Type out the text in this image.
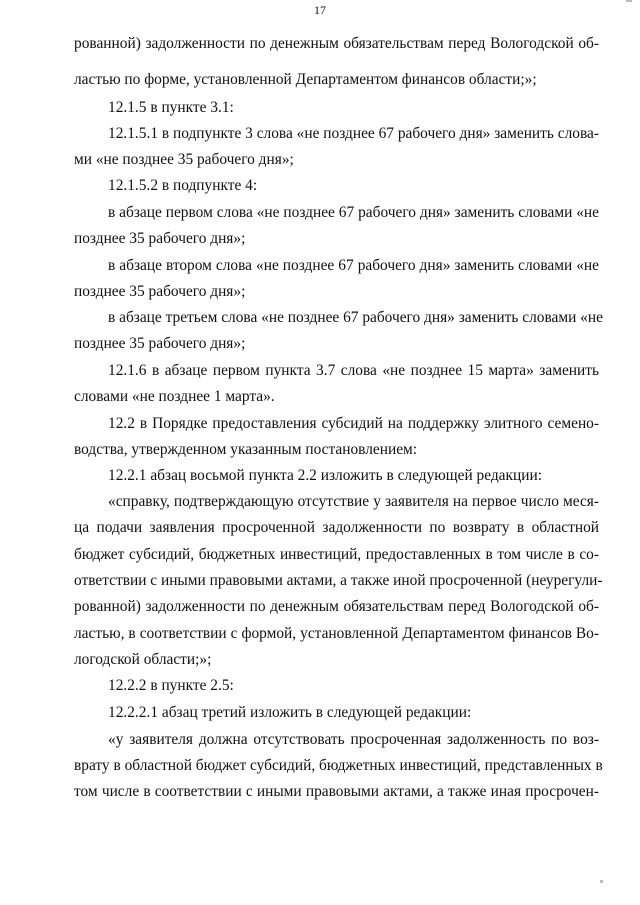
17
рованной) задолженности по денежным обязательствам перед Вологодской об-
ластью по форме, установленной Департаментом финансов области;»;
12.1.5 в пункте 3.1:
12.1.5.1 в подпункте 3 слова «не позднее 67 рабочего дня» заменить слова-
ми «не позднее 35 рабочего дня»;
12.1.5.2 в подпункте 4:
в абзаце первом слова «не позднее 67 рабочего дня» заменить словами «не
позднее 35 рабочего дня»;
в абзаце втором слова «не позднее 67 рабочего дня» заменить словами «не
позднее 35 рабочего дня»;
в абзаце третьем слова «не позднее 67 рабочего дня» заменить словами «не
позднее 35 рабочего дня»;
12.1.6 в абзаце первом пункта 3.7 слова «не позднее 15 марта» заменить
словами «не позднее 1 марта».
12.2 в Порядке предоставления субсидий на поддержку элитного семено-
водства, утвержденном указанным постановлением:
12.2.1 абзац восьмой пункта 2.2 изложить в следующей редакции:
«справку, подтверждающую отсутствие у заявителя на первое число меся-
ца подачи заявления просроченной задолженности по возврату в областной
бюджет субсидий, бюджетных инвестиций, предоставленных в том числе в со-
ответствии с иными правовыми актами, а также иной просроченной (неурегули-
рованной) задолженности по денежным обязательствам перед Вологодской об-
ластью, в соответствии с формой, установленной Департаментом финансов Во-
логодской области;»;
12.2.2 в пункте 2.5:
12.2.2.1 абзац третий изложить в следующей редакции:
«у заявителя должна отсутствовать просроченная задолженность по воз-
врату в областной бюджет субсидий, бюджетных инвестиций, представленных в
том числе в соответствии с иными правовыми актами, а также иная просрочен-
